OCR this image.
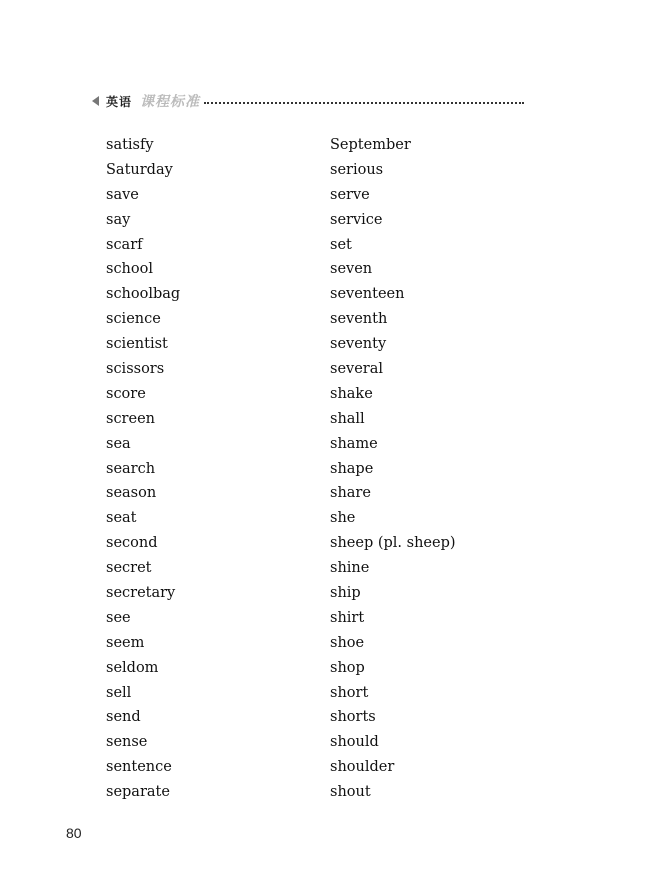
英语 课程标准
satisfy
Saturday
save
say
scarf
school
schoolbag
science
scientist
scissors
score
screen
sea
search
season
seat
second
secret
secretary
see
seem
seldom
sell
send
sense
sentence
separate
September
serious
serve
service
set
seven
seventeen
seventh
seventy
several
shake
shall
shame
shape
share
she
sheep (pl. sheep)
shine
ship
shirt
shoe
shop
short
shorts
should
shoulder
shout
80
